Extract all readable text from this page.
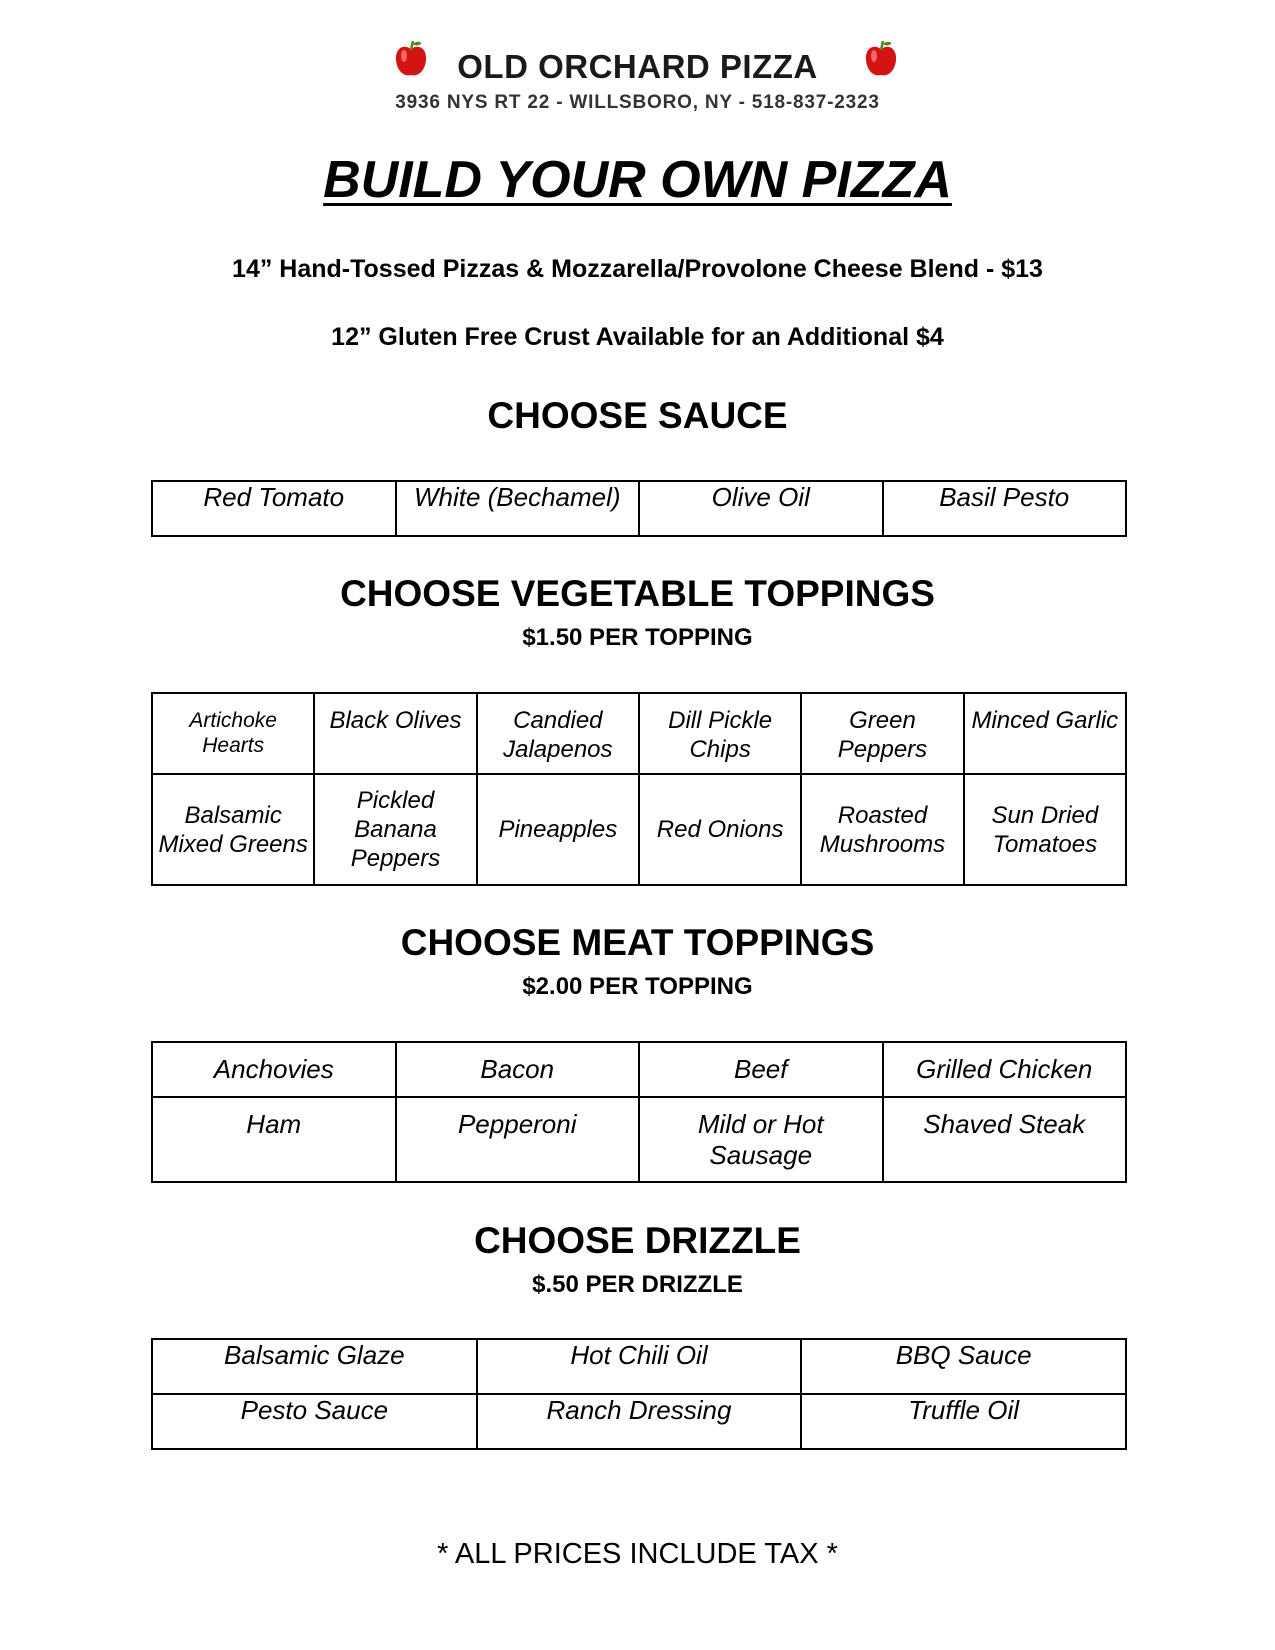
OLD ORCHARD PIZZA
3936 NYS RT 22 - WILLSBORO, NY - 518-837-2323
BUILD YOUR OWN PIZZA
14” Hand-Tossed Pizzas & Mozzarella/Provolone Cheese Blend - $13
12” Gluten Free Crust Available for an Additional $4
CHOOSE SAUCE
Red Tomato	White (Bechamel)	Olive Oil	Basil Pesto
CHOOSE VEGETABLE TOPPINGS
$1.50 PER TOPPING
Artichoke Hearts	Black Olives	Candied Jalapenos	Dill Pickle Chips	Green Peppers	Minced Garlic
Balsamic Mixed Greens	Pickled Banana Peppers	Pineapples	Red Onions	Roasted Mushrooms	Sun Dried Tomatoes
CHOOSE MEAT TOPPINGS
$2.00 PER TOPPING
Anchovies	Bacon	Beef	Grilled Chicken
Ham	Pepperoni	Mild or Hot Sausage	Shaved Steak
CHOOSE DRIZZLE
$.50 PER DRIZZLE
Balsamic Glaze	Hot Chili Oil	BBQ Sauce
Pesto Sauce	Ranch Dressing	Truffle Oil
* ALL PRICES INCLUDE TAX *
